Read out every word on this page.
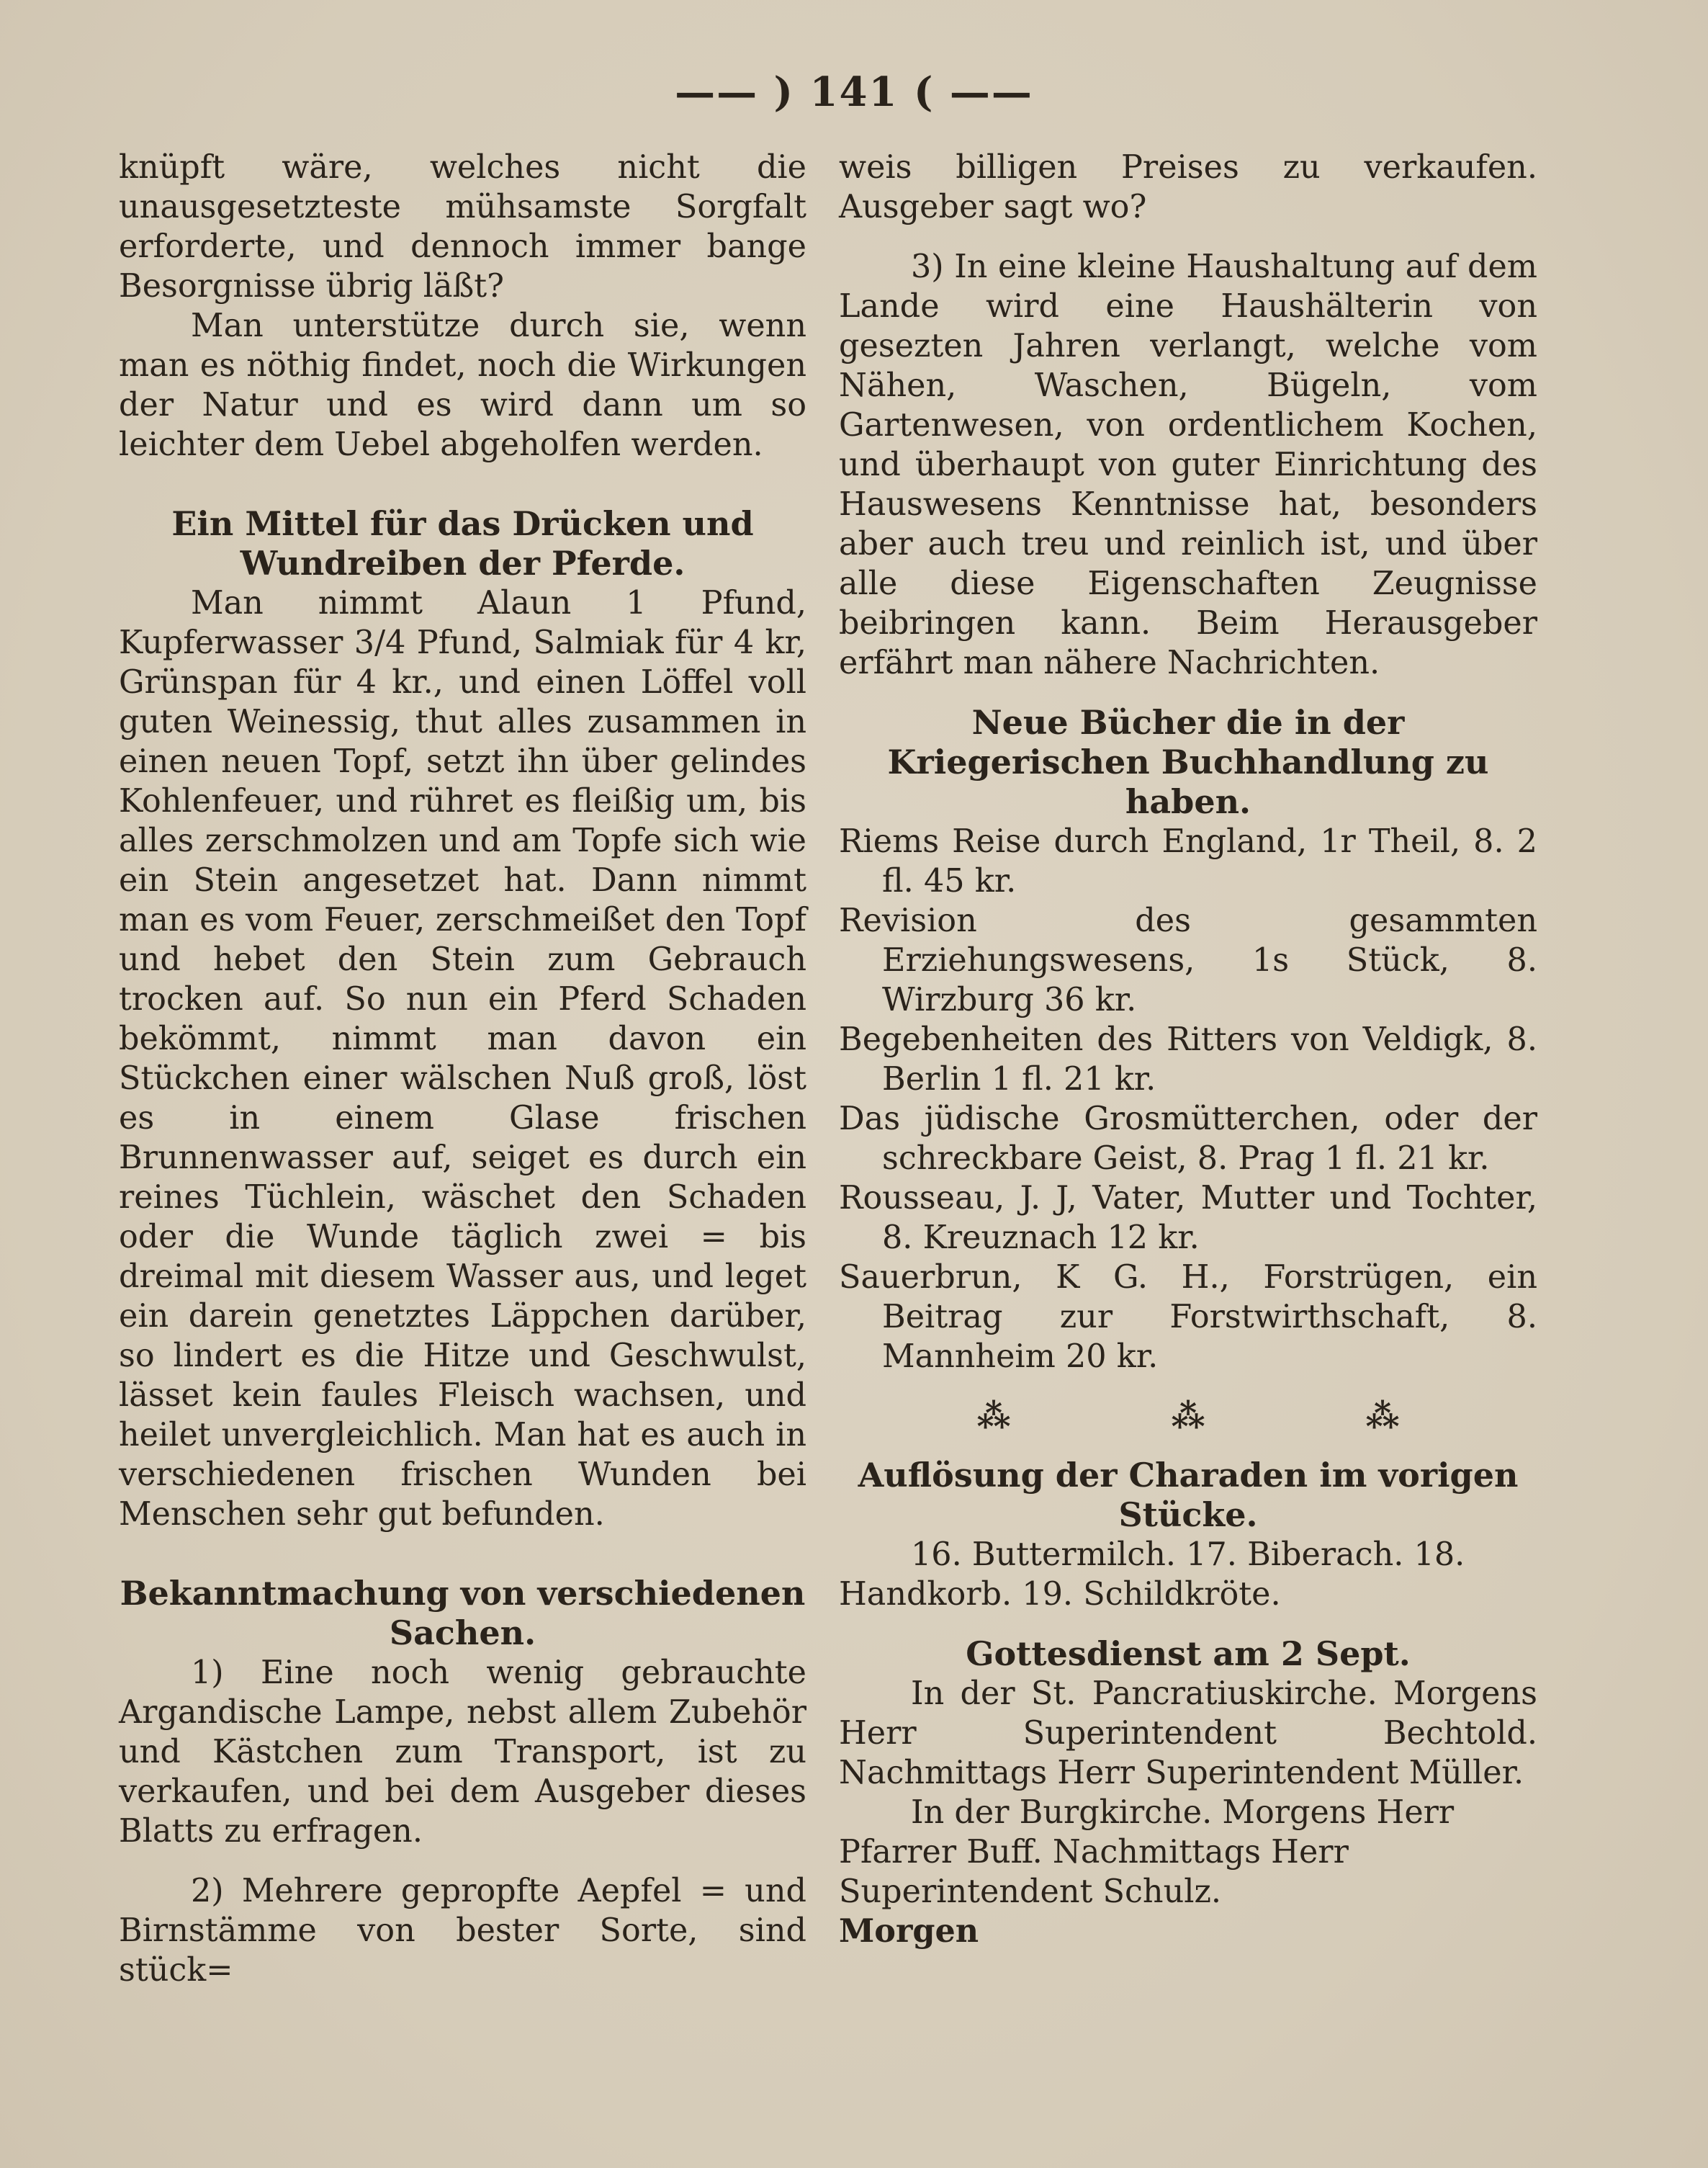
—— ) 141 ( ——

knüpft wäre, welches nicht die unausgesetzteste mühsamste Sorgfalt erforderte, und dennoch immer bange Besorgnisse übrig läßt?

Man unterstütze durch sie, wenn man es nöthig findet, noch die Wirkungen der Natur und es wird dann um so leichter dem Uebel abgeholfen werden.

Ein Mittel für das Drücken und Wundreiben der Pferde.

Man nimmt Alaun 1 Pfund, Kupferwasser 3/4 Pfund, Salmiak für 4 kr, Grünspan für 4 kr., und einen Löffel voll guten Weinessig, thut alles zusammen in einen neuen Topf, setzt ihn über gelindes Kohlenfeuer, und rühret es fleißig um, bis alles zerschmolzen und am Topfe sich wie ein Stein angesetzet hat. Dann nimmt man es vom Feuer, zerschmeißet den Topf und hebet den Stein zum Gebrauch trocken auf. So nun ein Pferd Schaden bekömmt, nimmt man davon ein Stückchen einer wälschen Nuß groß, löst es in einem Glase frischen Brunnenwasser auf, seiget es durch ein reines Tüchlein, wäschet den Schaden oder die Wunde täglich zwei = bis dreimal mit diesem Wasser aus, und leget ein darein genetztes Läppchen darüber, so lindert es die Hitze und Geschwulst, lässet kein faules Fleisch wachsen, und heilet unvergleichlich. Man hat es auch in verschiedenen frischen Wunden bei Menschen sehr gut befunden.

Bekanntmachung von verschiedenen Sachen.

1) Eine noch wenig gebrauchte Argandische Lampe, nebst allem Zubehör und Kästchen zum Transport, ist zu verkaufen, und bei dem Ausgeber dieses Blatts zu erfragen.

2) Mehrere gepropfte Aepfel = und Birnstämme von bester Sorte, sind stück=

weis billigen Preises zu verkaufen. Ausgeber sagt wo?

3) In eine kleine Haushaltung auf dem Lande wird eine Haushälterin von gesezten Jahren verlangt, welche vom Nähen, Waschen, Bügeln, vom Gartenwesen, von ordentlichem Kochen, und überhaupt von guter Einrichtung des Hauswesens Kenntnisse hat, besonders aber auch treu und reinlich ist, und über alle diese Eigenschaften Zeugnisse beibringen kann. Beim Herausgeber erfährt man nähere Nachrichten.

Neue Bücher die in der Kriegerischen Buchhandlung zu haben.

Riems Reise durch England, 1r Theil, 8. 2 fl. 45 kr.

Revision des gesammten Erziehungswesens, 1s Stück, 8. Wirzburg 36 kr.

Begebenheiten des Ritters von Veldigk, 8. Berlin 1 fl. 21 kr.

Das jüdische Grosmütterchen, oder der schreckbare Geist, 8. Prag 1 fl. 21 kr.

Rousseau, J. J, Vater, Mutter und Tochter, 8. Kreuznach 12 kr.

Sauerbrun, K G. H., Forstrügen, ein Beitrag zur Forstwirthschaft, 8. Mannheim 20 kr.

⁂	⁂	⁂
Auflösung der Charaden im vorigen Stücke.

16. Buttermilch. 17. Biberach. 18. Handkorb. 19. Schildkröte.

Gottesdienst am 2 Sept.

In der St. Pancratiuskirche. Morgens Herr Superintendent Bechtold. Nachmittags Herr Superintendent Müller.

In der Burgkirche. Morgens Herr Pfarrer Buff. Nachmittags Herr Superintendent Schulz.

Morgen
